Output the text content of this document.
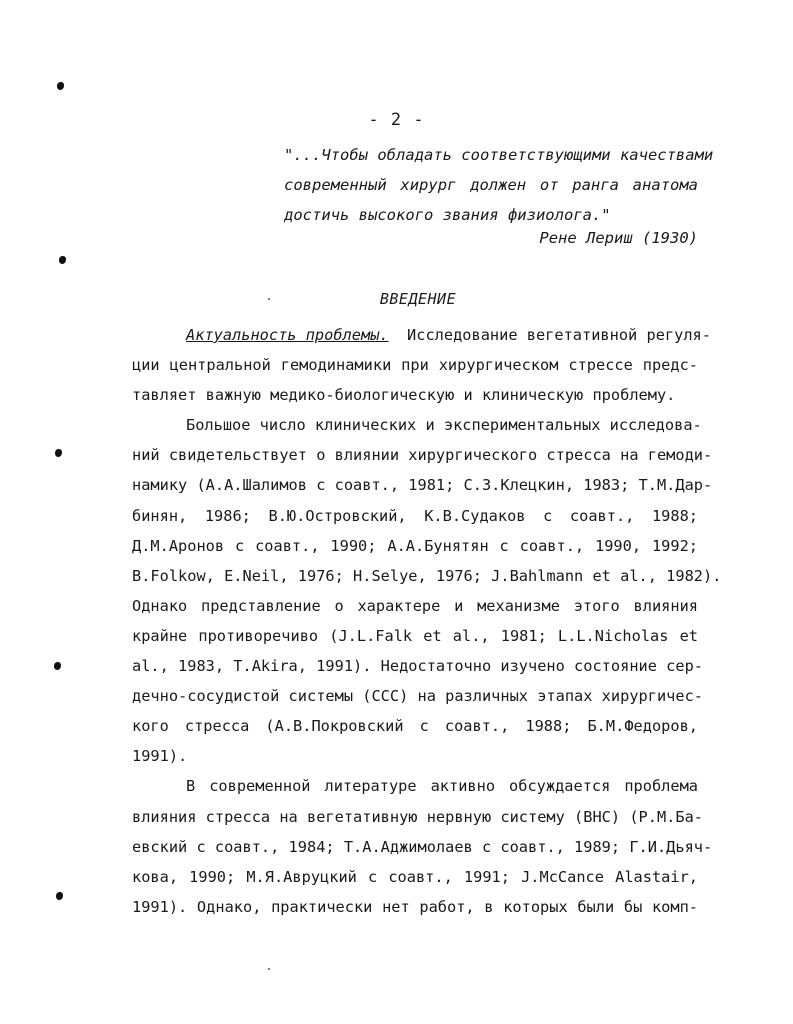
- 2 -
"...Чтобы обладать соответствующими качествами
современный хирург должен от ранга анатома
достичь высокого звания физиолога."
Рене Лериш (1930)
ВВЕДЕНИЕ
Актуальность проблемы. Исследование вегетативной регуля-
ции центральной гемодинамики при хирургическом стрессе предс-
тавляет важную медико-биологическую и клиническую проблему.
Большое число клинических и экспериментальных исследова-
ний свидетельствует о влиянии хирургического стресса на гемоди-
намику (А.А.Шалимов с соавт., 1981; С.З.Клецкин, 1983; Т.М.Дар-
бинян, 1986; В.Ю.Островский, К.В.Судаков с соавт., 1988;
Д.М.Аронов с соавт., 1990; А.А.Бунятян с соавт., 1990, 1992;
B.Folkow, E.Neil, 1976; H.Selye, 1976; J.Bahlmann et al., 1982).
Однако представление о характере и механизме этого влияния
крайне противоречиво (J.L.Falk et al., 1981; L.L.Nicholas et
al., 1983, T.Akira, 1991). Недостаточно изучено состояние сер-
дечно-сосудистой системы (ССС) на различных этапах хирургичес-
кого стресса (А.В.Покровский с соавт., 1988; Б.М.Федоров,
1991).
В современной литературе активно обсуждается проблема
влияния стресса на вегетативную нервную систему (ВНС) (Р.М.Ба-
евский с соавт., 1984; Т.А.Аджимолаев с соавт., 1989; Г.И.Дьяч-
кова, 1990; М.Я.Авруцкий с соавт., 1991; J.McCance Alastair,
1991). Однако, практически нет работ, в которых были бы комп-
